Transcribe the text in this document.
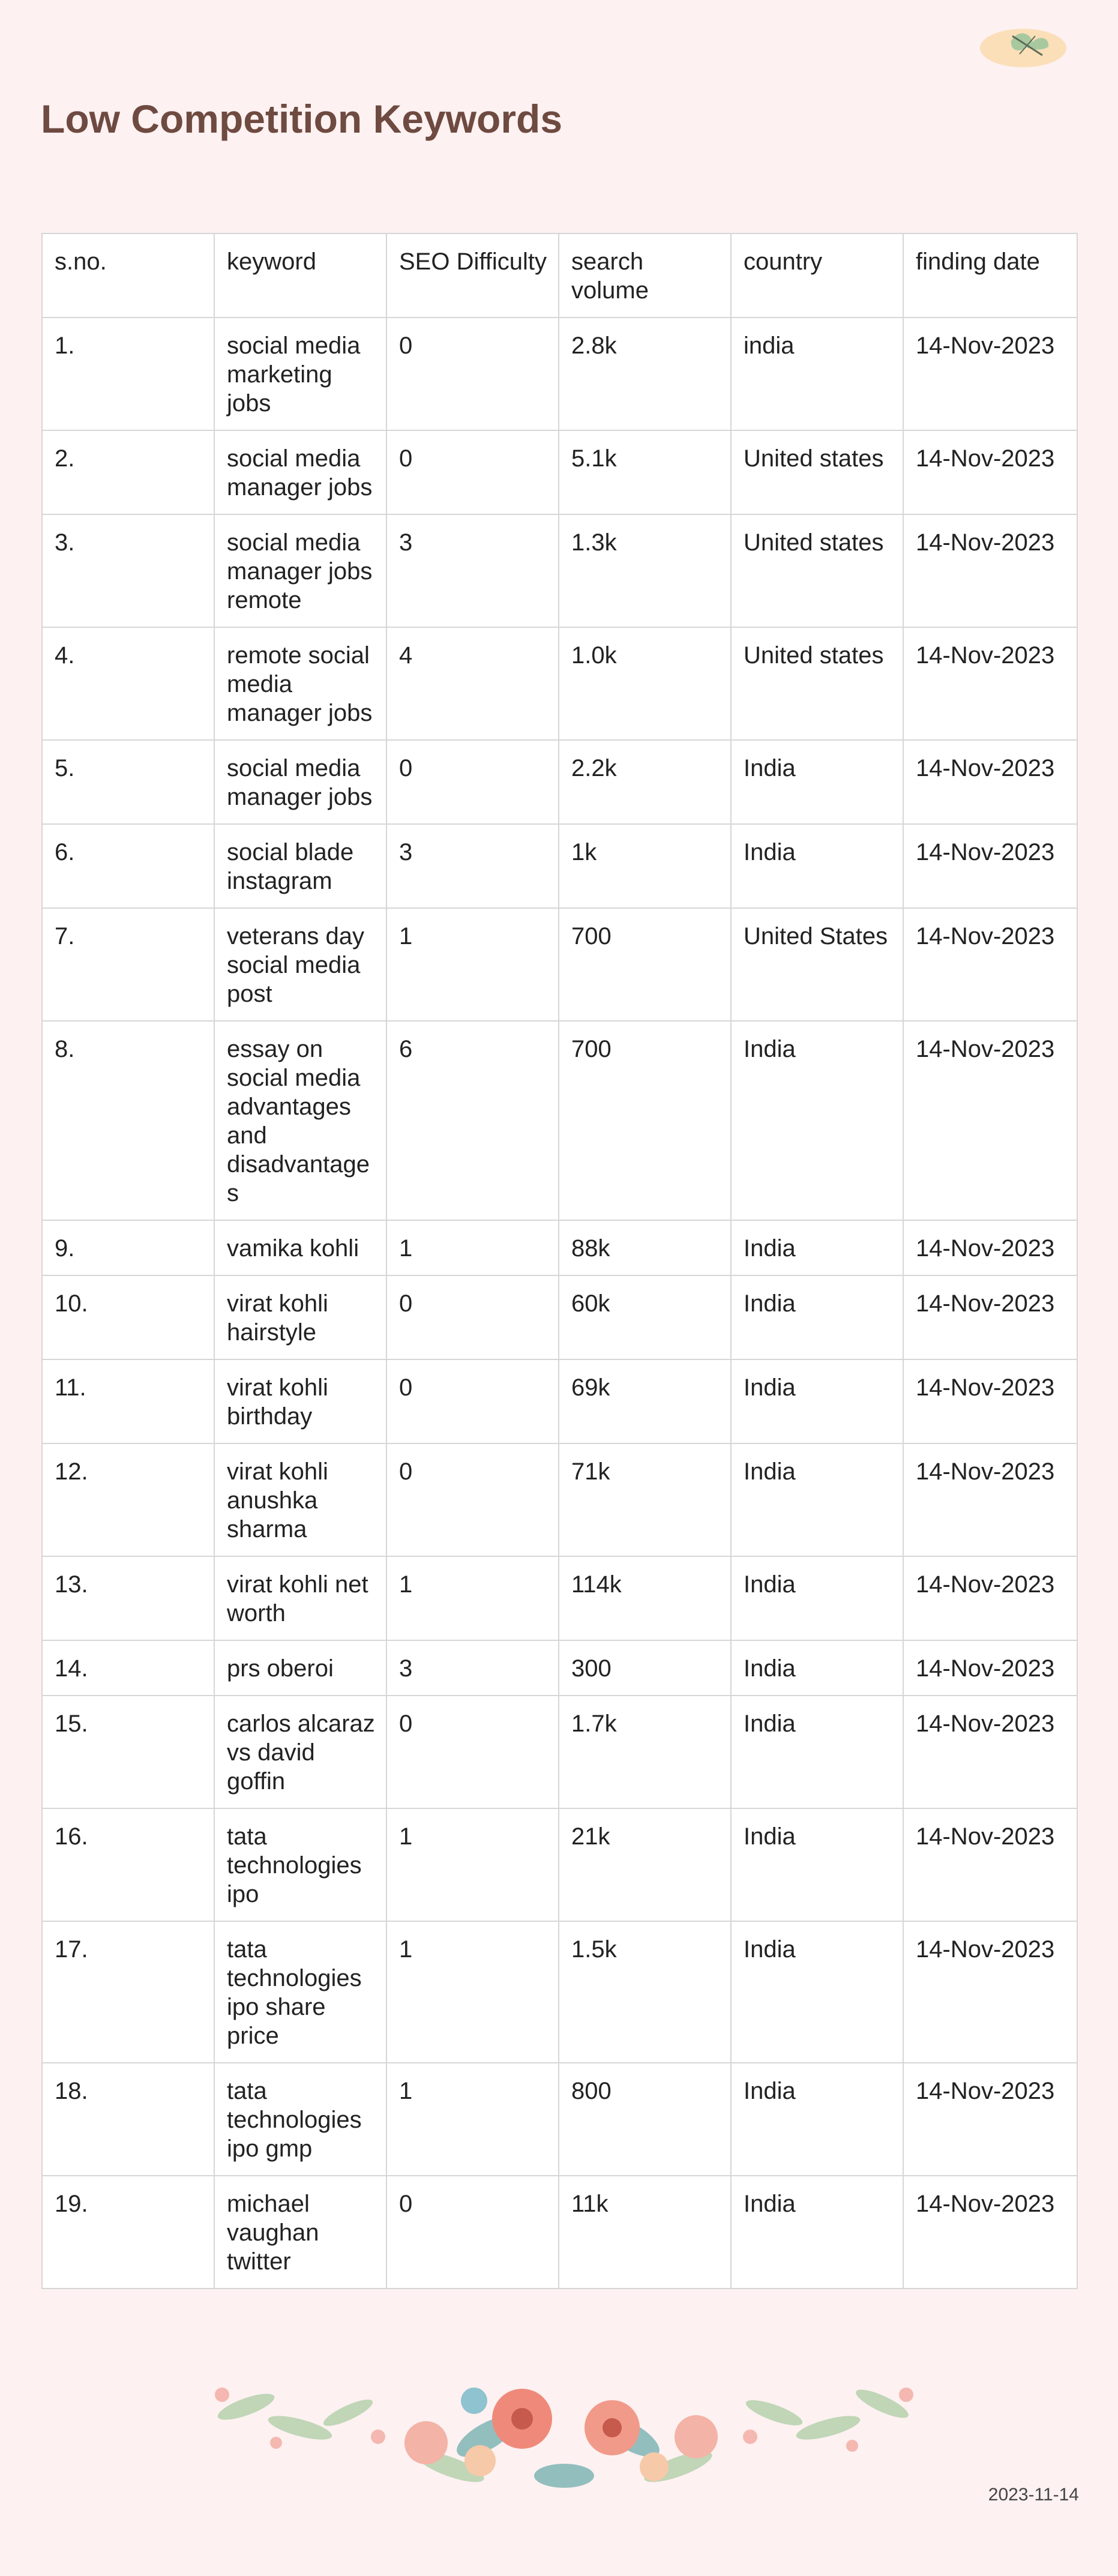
Low Competition Keywords
s.no.	keyword	SEO Difficulty	search volume	country	finding date
1.	social media marketing jobs	0	2.8k	india	14-Nov-2023
2.	social media manager jobs	0	5.1k	United states	14-Nov-2023
3.	social media manager jobs remote	3	1.3k	United states	14-Nov-2023
4.	remote social media manager jobs	4	1.0k	United states	14-Nov-2023
5.	social media manager jobs	0	2.2k	India	14-Nov-2023
6.	social blade instagram	3	1k	India	14-Nov-2023
7.	veterans day social media post	1	700	United States	14-Nov-2023
8.	essay on social media advantages and disadvantages	6	700	India	14-Nov-2023
9.	vamika kohli	1	88k	India	14-Nov-2023
10.	virat kohli hairstyle	0	60k	India	14-Nov-2023
11.	virat kohli birthday	0	69k	India	14-Nov-2023
12.	virat kohli anushka sharma	0	71k	India	14-Nov-2023
13.	virat kohli net worth	1	114k	India	14-Nov-2023
14.	prs oberoi	3	300	India	14-Nov-2023
15.	carlos alcaraz vs david goffin	0	1.7k	India	14-Nov-2023
16.	tata technologies ipo	1	21k	India	14-Nov-2023
17.	tata technologies ipo share price	1	1.5k	India	14-Nov-2023
18.	tata technologies ipo gmp	1	800	India	14-Nov-2023
19.	michael vaughan twitter	0	11k	India	14-Nov-2023
2023-11-14
